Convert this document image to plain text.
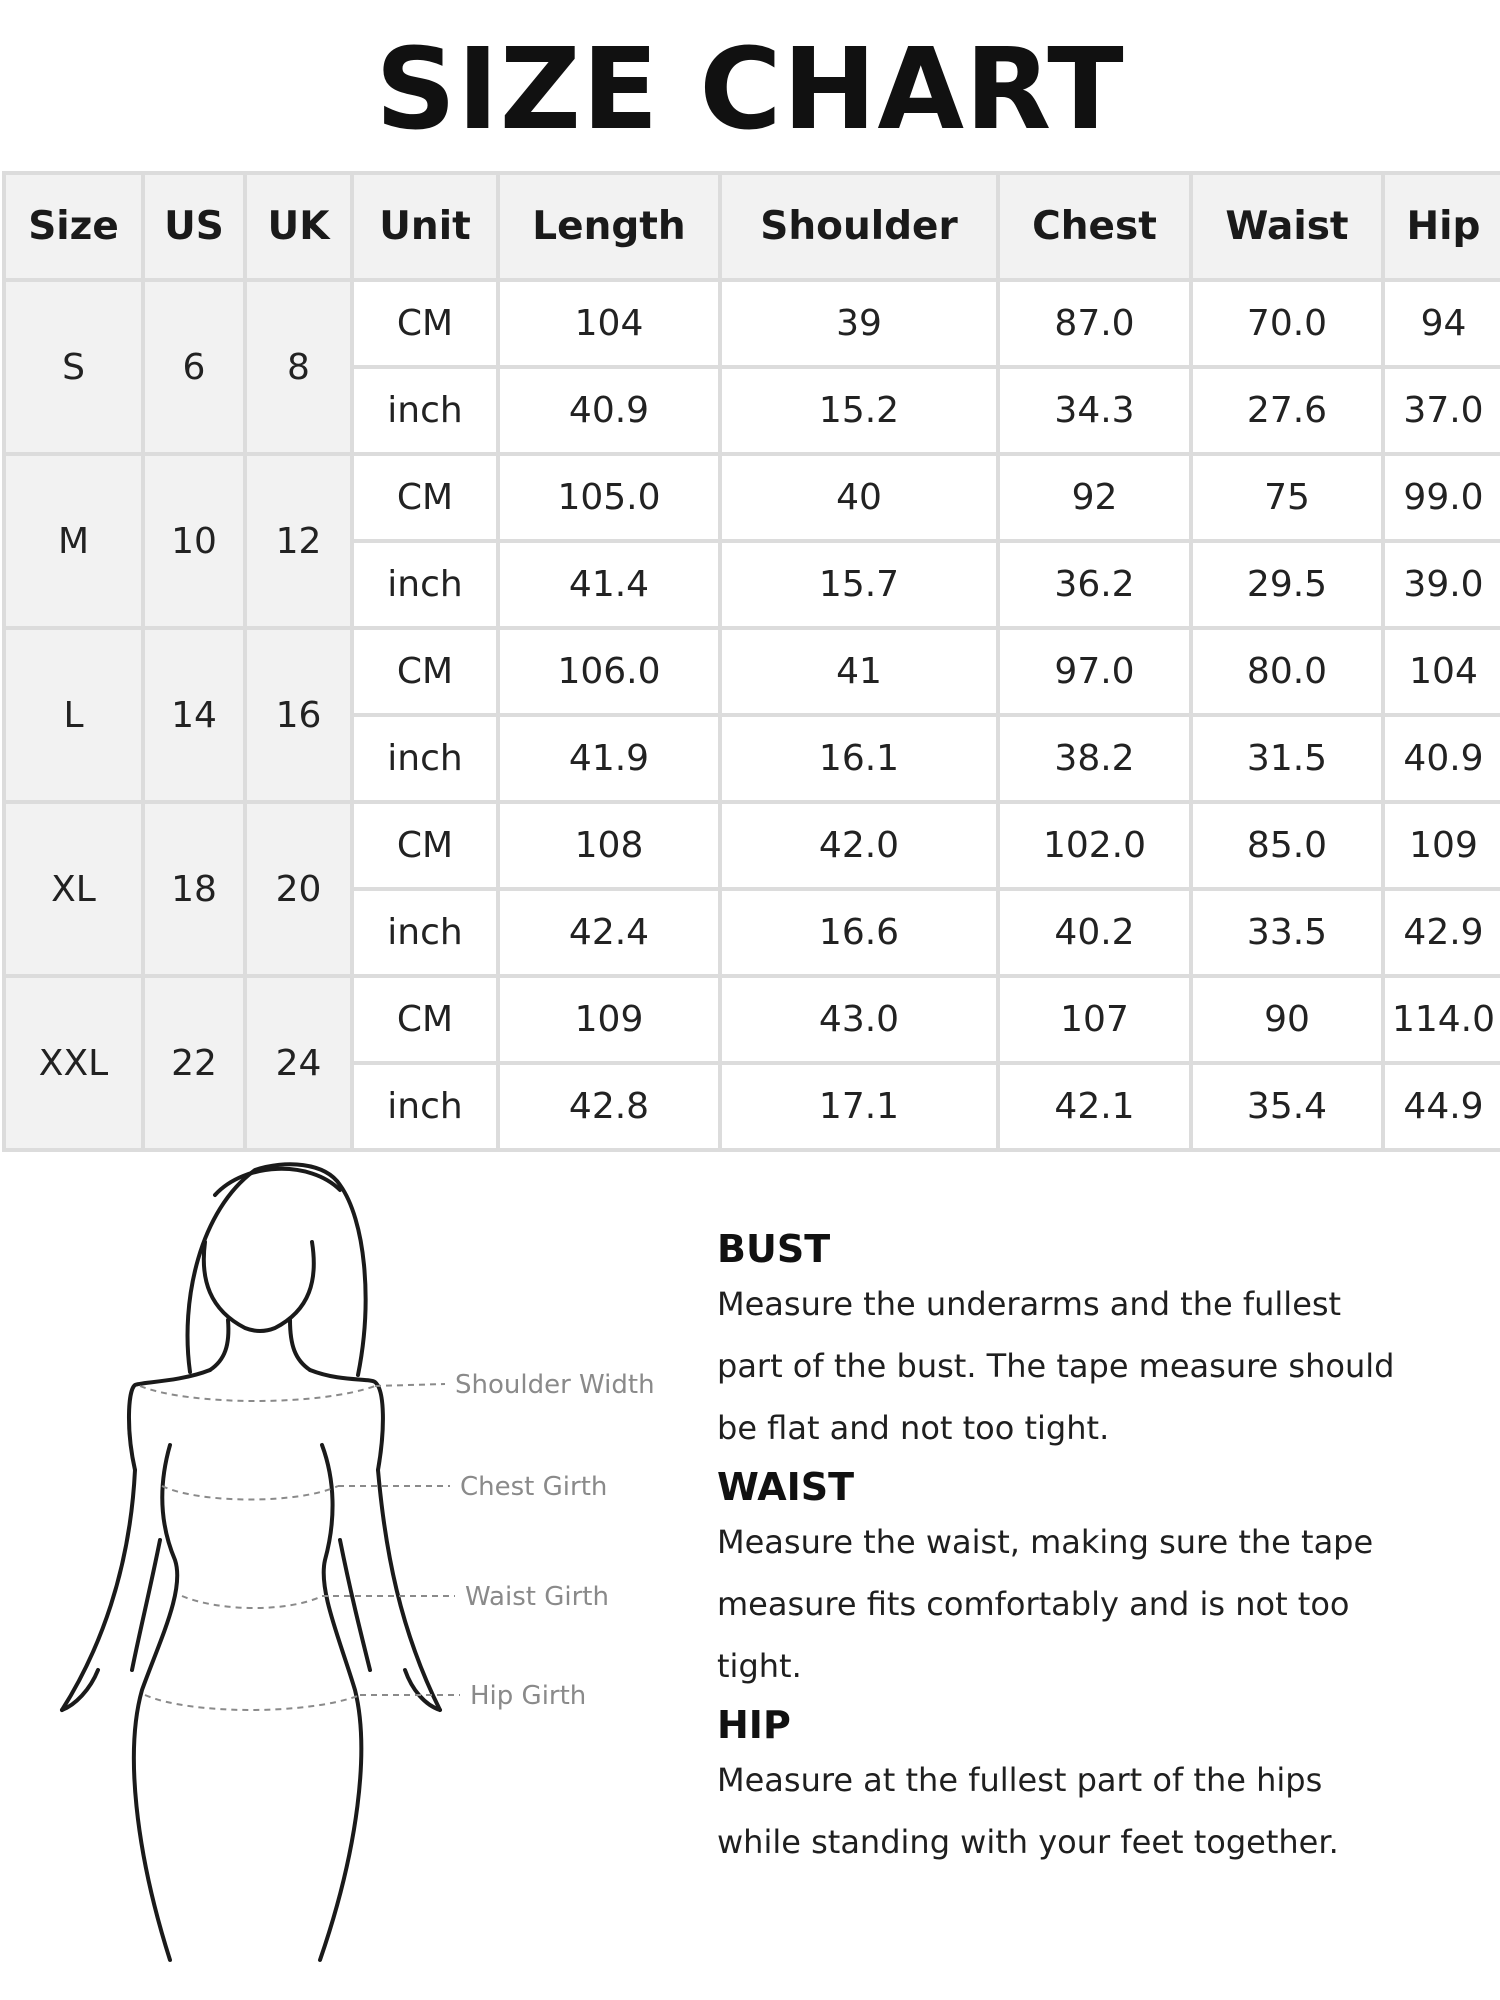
SIZE CHART
Size	US	UK	Unit	Length	Shoulder	Chest	Waist	Hip
S	6	8	CM	104	39	87.0	70.0	94
			inch	40.9	15.2	34.3	27.6	37.0
M	10	12	CM	105.0	40	92	75	99.0
			inch	41.4	15.7	36.2	29.5	39.0
L	14	16	CM	106.0	41	97.0	80.0	104
			inch	41.9	16.1	38.2	31.5	40.9
XL	18	20	CM	108	42.0	102.0	85.0	109
			inch	42.4	16.6	40.2	33.5	42.9
XXL	22	24	CM	109	43.0	107	90	114.0
			inch	42.8	17.1	42.1	35.4	44.9
Shoulder Width
Chest Girth
Waist Girth
Hip Girth
BUST
Measure the underarms and the fullest
part of the bust. The tape measure should
be flat and not too tight.
WAIST
Measure the waist, making sure the tape
measure fits comfortably and is not too
tight.
HIP
Measure at the fullest part of the hips
while standing with your feet together.
